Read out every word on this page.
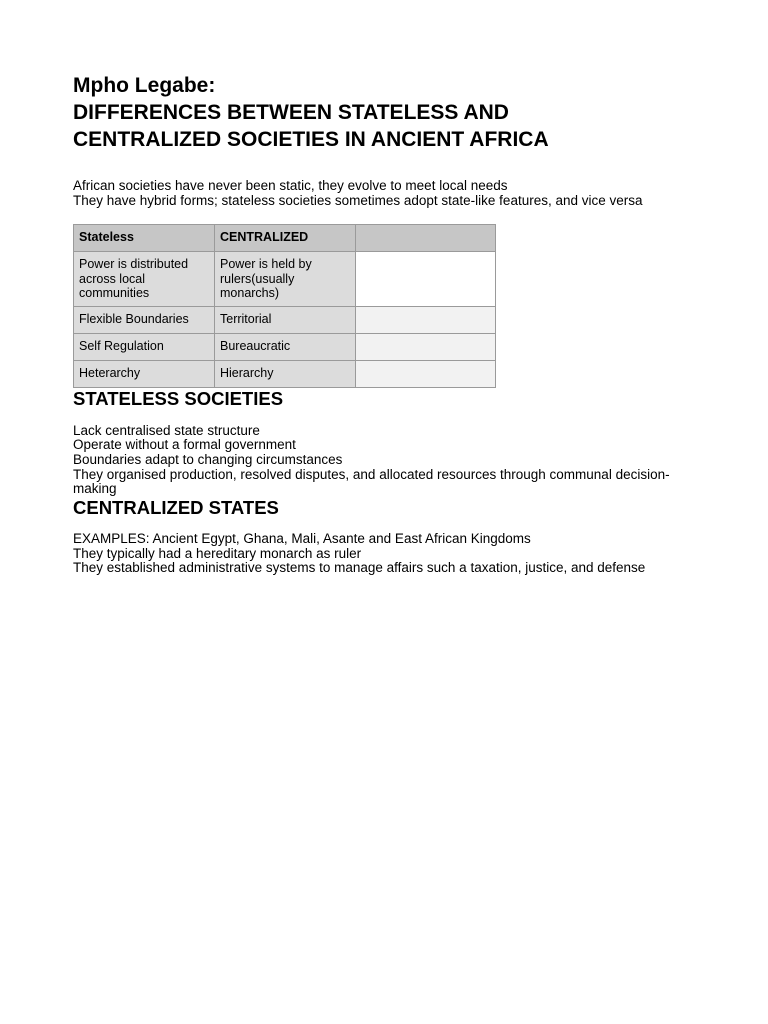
Mpho Legabe:

DIFFERENCES BETWEEN STATELESS AND

CENTRALIZED SOCIETIES IN ANCIENT AFRICA

African societies have never been static, they evolve to meet local needs

They have hybrid forms; stateless societies sometimes adopt state-like features, and vice versa

Stateless	CENTRALIZED	
Power is distributed across local communities	Power is held by rulers(usually monarchs)	
Flexible Boundaries	Territorial	
Self Regulation	Bureaucratic	
Heterarchy	Hierarchy	
STATELESS SOCIETIES

Lack centralised state structure

Operate without a formal government

Boundaries adapt to changing circumstances

They organised production, resolved disputes, and allocated resources through communal decision-making

CENTRALIZED STATES

EXAMPLES: Ancient Egypt, Ghana, Mali, Asante and East African Kingdoms

They typically had a hereditary monarch as ruler

They established administrative systems to manage affairs such a taxation, justice, and defense
